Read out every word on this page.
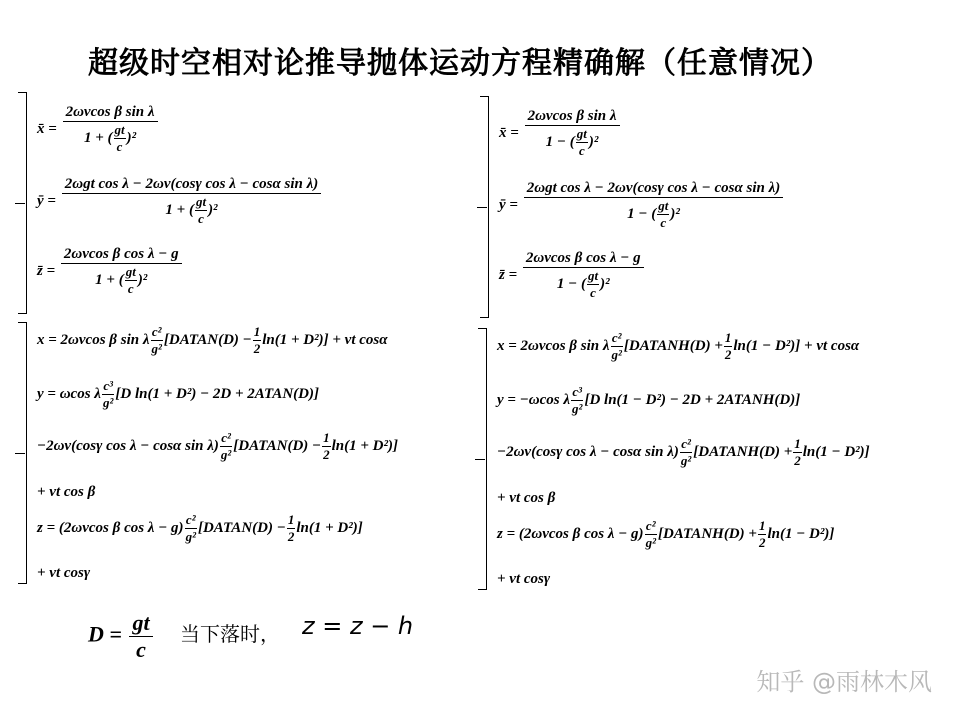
超级时空相对论推导抛体运动方程精确解（任意情况）
x̄ = $\frac{\text{2ωvcos β sin λ}}{1 + ( \frac{gt}{c} )^2}$
ȳ = $\frac{\text{2ωgt cos λ − 2ωv(cosγ cos λ − cosα sin λ)}}{1 + ( \frac{gt}{c} )^2}$
z̄ = $\frac{\text{2ωvcos β cos λ − g}}{1 + ( \frac{gt}{c} )^2}$
x̄ = $\frac{\text{2ωvcos β sin λ}}{1 - ( \frac{gt}{c} )^2}$
ȳ = $\frac{\text{2ωgt cos λ − 2ωv(cosγ cos λ − cosα sin λ)}}{1 - ( \frac{gt}{c} )^2}$
z̄ = $\frac{\text{2ωvcos β cos λ − g}}{1 - ( \frac{gt}{c} )^2}$
x = 2ωvcos β sin λ $\frac{\text{c²}}{\text{g²}}$ [DATAN(D) − $\frac{1}{2} \ln(1 + D^2)$] + vt cosα
y = ωcos λ $\frac{\text{c³}}{\text{g²}} [D$ ln(1 + D²) − 2D + 2ATAN(D)]
−2ωv(cosγ cos λ − cosα $\sin \lambda) \frac{\text{c²}}{\text{g²}}$ [DATAN(D) − $\frac{1}{2} \ln(1 + D^2)$]
+ vt cos β
z = (2ωvcos β $\cos \lambda - g) \frac{\text{c²}}{\text{g²}}$ [DATAN(D) − $\frac{1}{2} \ln(1 + D^2)$]
+ vt cosγ
x = 2ωvcos β sin λ $\frac{\text{c²}}{\text{g²}}$ [DATANH(D) + $\frac{1}{2} \ln(1 - D^2)$] + vt cosα
y = −ωcos λ $\frac{\text{c³}}{\text{g²}} [D$ ln(1 − D²) − 2D + 2ATANH(D)]
−2ωv(cosγ cos λ − cosα $\sin \lambda) \frac{\text{c²}}{\text{g²}}$ [DATANH(D) + $\frac{1}{2} \ln(1 - D^2)$]
+ vt cos β
z = (2ωvcos β $\cos \lambda - g) \frac{\text{c²}}{\text{g²}}$ [DATANH(D) + $\frac{1}{2} \ln(1 - D^2)$]
+ vt cosγ
$D = \frac{gt}{c}$ 当下落时， z = z − h
知乎 @雨林木风
